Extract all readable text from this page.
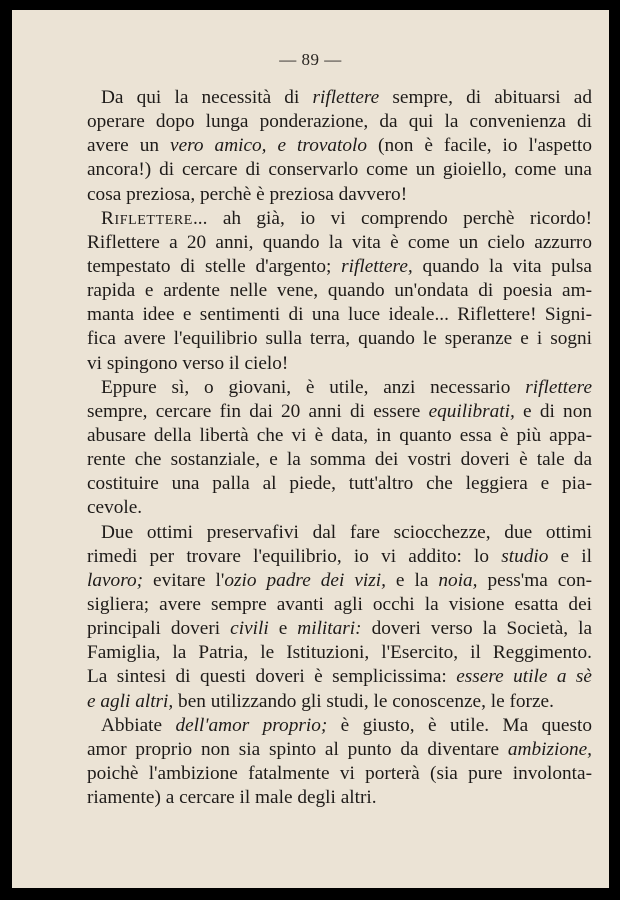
— 89 —
Da qui la necessità di riflettere sempre, di abituarsi ad
operare dopo lunga ponderazione, da qui la convenienza di
avere un vero amico, e trovatolo (non è facile, io l'aspetto
ancora!) di cercare di conservarlo come un gioiello, come una
cosa preziosa, perchè è preziosa davvero!
Riflettere... ah già, io vi comprendo perchè ricordo!
Riflettere a 20 anni, quando la vita è come un cielo azzurro
tempestato di stelle d'argento; riflettere, quando la vita pulsa
rapida e ardente nelle vene, quando un'ondata di poesia am-
manta idee e sentimenti di una luce ideale... Riflettere! Signi-
fica avere l'equilibrio sulla terra, quando le speranze e i sogni
vi spingono verso il cielo!
Eppure sì, o giovani, è utile, anzi necessario riflettere
sempre, cercare fin dai 20 anni di essere equilibrati, e di non
abusare della libertà che vi è data, in quanto essa è più appa-
rente che sostanziale, e la somma dei vostri doveri è tale da
costituire una palla al piede, tutt'altro che leggiera e pia-
cevole.
Due ottimi preservafivi dal fare sciocchezze, due ottimi
rimedi per trovare l'equilibrio, io vi addito: lo studio e il
lavoro; evitare l'ozio padre dei vizi, e la noia, pess'ma con-
sigliera; avere sempre avanti agli occhi la visione esatta dei
principali doveri civili e militari: doveri verso la Società, la
Famiglia, la Patria, le Istituzioni, l'Esercito, il Reggimento.
La sintesi di questi doveri è semplicissima: essere utile a sè
e agli altri, ben utilizzando gli studi, le conoscenze, le forze.
Abbiate dell'amor proprio; è giusto, è utile. Ma questo
amor proprio non sia spinto al punto da diventare ambizione,
poichè l'ambizione fatalmente vi porterà (sia pure involonta-
riamente) a cercare il male degli altri.
